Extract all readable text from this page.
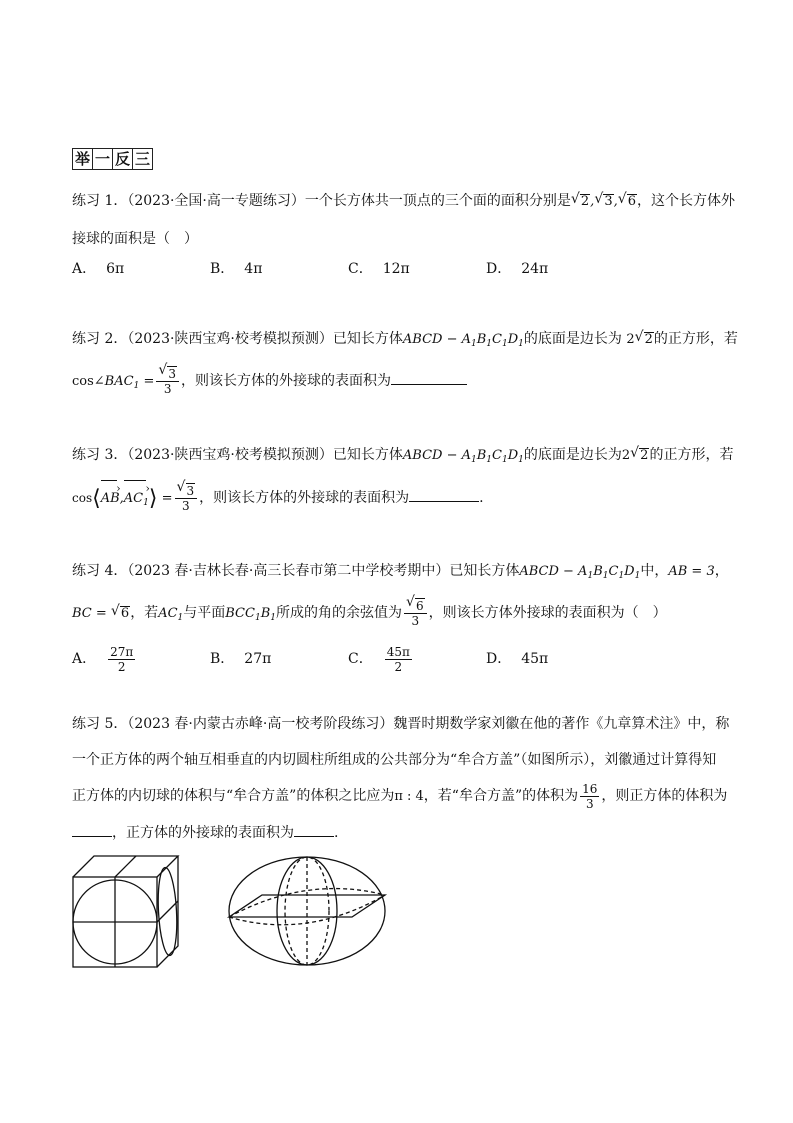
举 一 反 三
练习 1．（2023·全国·高一专题练习）一个长方体共一顶点的三个面的面积分别是 √ 2, √ 3, √ 6，这个长方体外
接球的面积是（　）
A． 6π	B． 4π	C． 12π	D． 24π
练习 2．（2023·陕西宝鸡·校考模拟预测）已知长方体ABCD − $A_1B_1C_1D_1$的底面是边长为 2 √ 2的正方形，若
$\cos\angle BAC_1$ = √ $\frac{3}{3}$ ，则该长方体的外接球的表面积为
练习 3．（2023·陕西宝鸡·校考模拟预测）已知长方体ABCD − $A_1B_1C_1D_1$的底面是边长为2 √ 2的正方形，若
cos⟨AB $›,AC_1$ ›⟩ = √ $\frac{3}{3}$ ，则该长方体的外接球的表面积为	.
练习 4．（2023 春·吉林长春·高三长春市第二中学校考期中）已知长方体ABCD − $A_1B_1C_1D_1$中，AB = 3，
BC = √ 6，若$AC_1$与平面$BCC_1B_1$所成的角的余弦值为 √ $\frac{6}{3}$ ，则该长方体外接球的表面积为（　）
A． $\frac{27\pi}{2}$	B． 27π	C． $\frac{45\pi}{2}$	D． 45π
练习 5．（2023 春·内蒙古赤峰·高一校考阶段练习）魏晋时期数学家刘徽在他的著作《九章算术注》中，称
一个正方体的两个轴互相垂直的内切圆柱所组成的公共部分为“牟合方盖”（如图所示），刘徽通过计算得知
正方体的内切球的体积与“牟合方盖”的体积之比应为π : 4，若“牟合方盖”的体积为 $\frac{16}{3}$ ，则正方体的体积为
，正方体的外接球的表面积为	.
